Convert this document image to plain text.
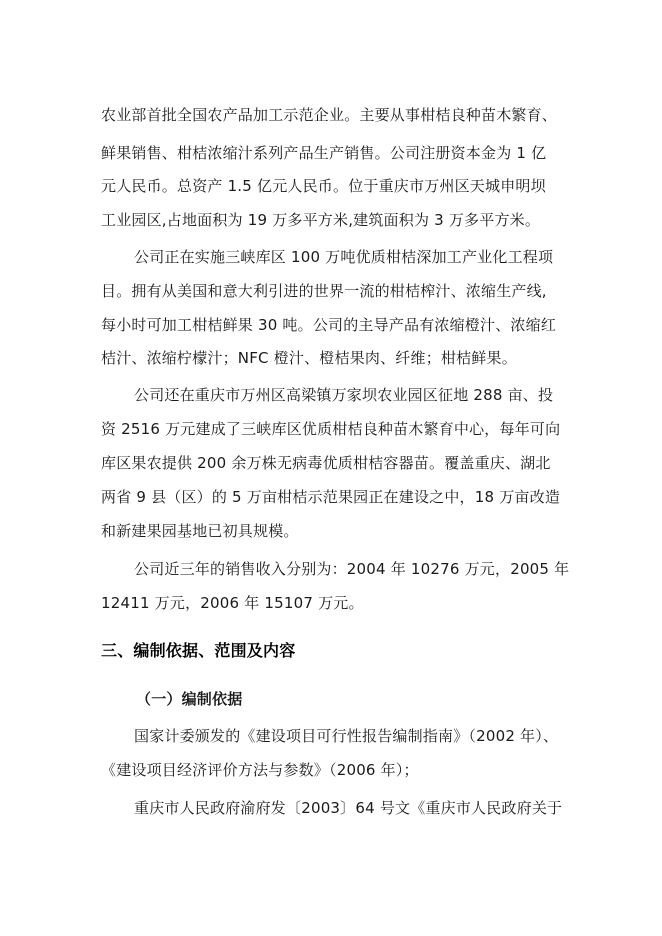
农业部首批全国农产品加工示范企业。主要从事柑桔良种苗木繁育、

鲜果销售、柑桔浓缩汁系列产品生产销售。公司注册资本金为 1 亿

元人民币。总资产 1.5 亿元人民币。位于重庆市万州区天城申明坝

工业园区,占地面积为 19 万多平方米,建筑面积为 3 万多平方米。

公司正在实施三峡库区 100 万吨优质柑桔深加工产业化工程项

目。拥有从美国和意大利引进的世界一流的柑桔榨汁、浓缩生产线,

每小时可加工柑桔鲜果 30 吨。公司的主导产品有浓缩橙汁、浓缩红

桔汁、浓缩柠檬汁；NFC 橙汁、橙桔果肉、纤维；柑桔鲜果。

公司还在重庆市万州区高梁镇万家坝农业园区征地 288 亩、投

资 2516 万元建成了三峡库区优质柑桔良种苗木繁育中心，每年可向

库区果农提供 200 余万株无病毒优质柑桔容器苗。覆盖重庆、湖北

两省 9 县（区）的 5 万亩柑桔示范果园正在建设之中，18 万亩改造

和新建果园基地已初具规模。

公司近三年的销售收入分别为：2004 年 10276 万元，2005 年

12411 万元，2006 年 15107 万元。

三、编制依据、范围及内容
（一）编制依据

国家计委颁发的《建设项目可行性报告编制指南》（2002 年）、

《建设项目经济评价方法与参数》（2006 年）；

重庆市人民政府渝府发〔2003〕64 号文《重庆市人民政府关于
